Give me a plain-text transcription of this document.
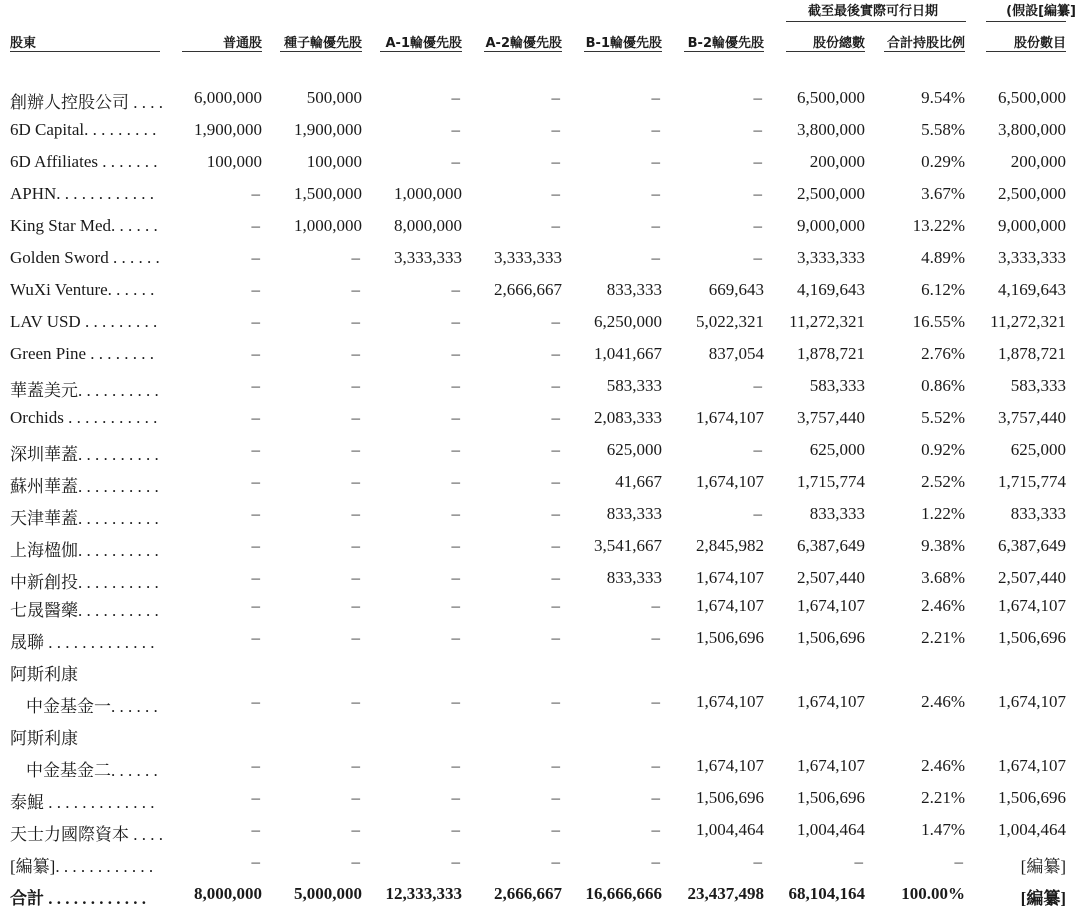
截至最後實際可行日期	(假設[編纂]
股東	普通股 種子輪優先股 A-1輪優先股 A-2輪優先股 B-1輪優先股 B-2輪優先股	股份總數 合計持股比例	股份數目
創辦人控股公司 . . . . 6,000,000	500,000	–	–	–	– 6,500,000	9.54% 6,500,000
6D Capital. . . . . . . . . 1,900,000 1,900,000	–	–	–	– 3,800,000	5.58% 3,800,000
6D Affiliates . . . . . . .	100,000	100,000	–	–	–	–	200,000	0.29%	200,000
APHN. . . . . . . . . . . .	– 1,500,000 1,000,000	–	–	– 2,500,000	3.67% 2,500,000
King Star Med. . . . . .	– 1,000,000 8,000,000	–	–	– 9,000,000	13.22% 9,000,000
Golden Sword . . . . . .	–	– 3,333,333 3,333,333	–	– 3,333,333	4.89% 3,333,333
WuXi Venture. . . . . .	–	–	– 2,666,667	833,333	669,643 4,169,643	6.12% 4,169,643
LAV USD . . . . . . . . .	–	–	–	– 6,250,000 5,022,321 11,272,321	16.55% 11,272,321
Green Pine . . . . . . . .	–	–	–	– 1,041,667	837,054 1,878,721	2.76% 1,878,721
華蓋美元. . . . . . . . . .	–	–	–	–	583,333	–	583,333	0.86%	583,333
Orchids . . . . . . . . . . .	–	–	–	– 2,083,333 1,674,107 3,757,440	5.52% 3,757,440
深圳華蓋. . . . . . . . . .	–	–	–	–	625,000	–	625,000	0.92%	625,000
蘇州華蓋. . . . . . . . . .	–	–	–	–	41,667 1,674,107 1,715,774	2.52% 1,715,774
天津華蓋. . . . . . . . . .	–	–	–	–	833,333	–	833,333	1.22%	833,333
上海楹伽. . . . . . . . . .	–	–	–	– 3,541,667 2,845,982 6,387,649	9.38% 6,387,649
中新創投. . . . . . . . . .	–	–	–	–	833,333 1,674,107 2,507,440	3.68% 2,507,440
七晟醫藥. . . . . . . . . .	–	–	–	–	– 1,674,107 1,674,107	2.46% 1,674,107
晟聯 . . . . . . . . . . . . .	–	–	–	–	– 1,506,696 1,506,696	2.21% 1,506,696
阿斯利康
中金基金一. . . . . .	–	–	–	–	– 1,674,107 1,674,107	2.46% 1,674,107
阿斯利康
中金基金二. . . . . .	–	–	–	–	– 1,674,107 1,674,107	2.46% 1,674,107
泰鯤 . . . . . . . . . . . . .	–	–	–	–	– 1,506,696 1,506,696	2.21% 1,506,696
天士力國際資本 . . . .	–	–	–	–	– 1,004,464 1,004,464	1.47% 1,004,464
[編纂]. . . . . . . . . . . .	–	–	–	–	–	–	–	–	[編纂]
合計 . . . . . . . . . . . .	8,000,000 5,000,000 12,333,333 2,666,667 16,666,666 23,437,498 68,104,164 100.00%	[編纂]
